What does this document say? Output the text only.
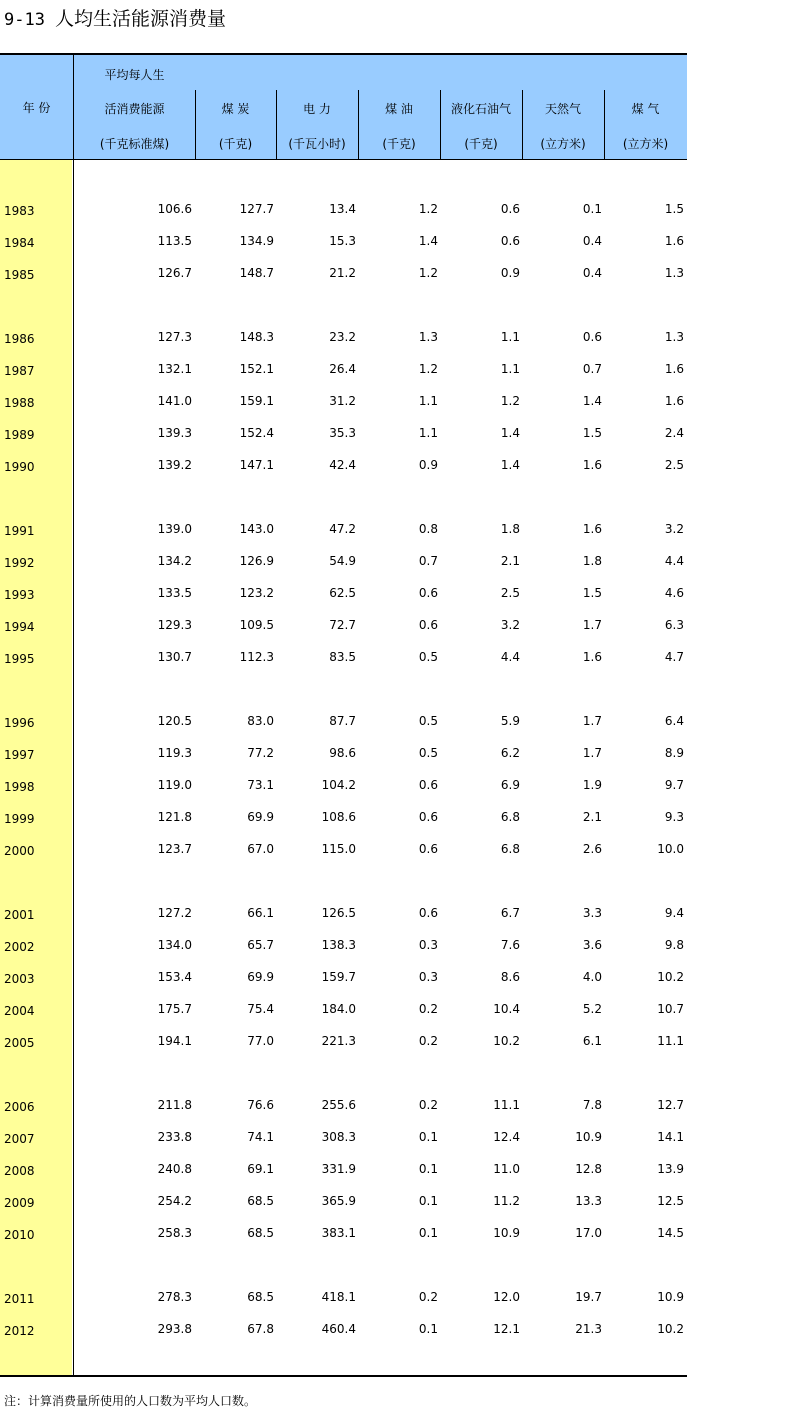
9-13 人均生活能源消费量
年 份
平均每人生
活消费能源
(千克标准煤)
煤 炭
(千克)
电 力
(千瓦小时)
煤 油
(千克)
液化石油气
(千克)
天然气
(立方米)
煤 气
(立方米)
1983	106.6	127.7	13.4	1.2	0.6	0.1	1.5
1984	113.5	134.9	15.3	1.4	0.6	0.4	1.6
1985	126.7	148.7	21.2	1.2	0.9	0.4	1.3
1986	127.3	148.3	23.2	1.3	1.1	0.6	1.3
1987	132.1	152.1	26.4	1.2	1.1	0.7	1.6
1988	141.0	159.1	31.2	1.1	1.2	1.4	1.6
1989	139.3	152.4	35.3	1.1	1.4	1.5	2.4
1990	139.2	147.1	42.4	0.9	1.4	1.6	2.5
1991	139.0	143.0	47.2	0.8	1.8	1.6	3.2
1992	134.2	126.9	54.9	0.7	2.1	1.8	4.4
1993	133.5	123.2	62.5	0.6	2.5	1.5	4.6
1994	129.3	109.5	72.7	0.6	3.2	1.7	6.3
1995	130.7	112.3	83.5	0.5	4.4	1.6	4.7
1996	120.5	83.0	87.7	0.5	5.9	1.7	6.4
1997	119.3	77.2	98.6	0.5	6.2	1.7	8.9
1998	119.0	73.1	104.2	0.6	6.9	1.9	9.7
1999	121.8	69.9	108.6	0.6	6.8	2.1	9.3
2000	123.7	67.0	115.0	0.6	6.8	2.6	10.0
2001	127.2	66.1	126.5	0.6	6.7	3.3	9.4
2002	134.0	65.7	138.3	0.3	7.6	3.6	9.8
2003	153.4	69.9	159.7	0.3	8.6	4.0	10.2
2004	175.7	75.4	184.0	0.2	10.4	5.2	10.7
2005	194.1	77.0	221.3	0.2	10.2	6.1	11.1
2006	211.8	76.6	255.6	0.2	11.1	7.8	12.7
2007	233.8	74.1	308.3	0.1	12.4	10.9	14.1
2008	240.8	69.1	331.9	0.1	11.0	12.8	13.9
2009	254.2	68.5	365.9	0.1	11.2	13.3	12.5
2010	258.3	68.5	383.1	0.1	10.9	17.0	14.5
2011	278.3	68.5	418.1	0.2	12.0	19.7	10.9
2012	293.8	67.8	460.4	0.1	12.1	21.3	10.2
注：计算消费量所使用的人口数为平均人口数。
